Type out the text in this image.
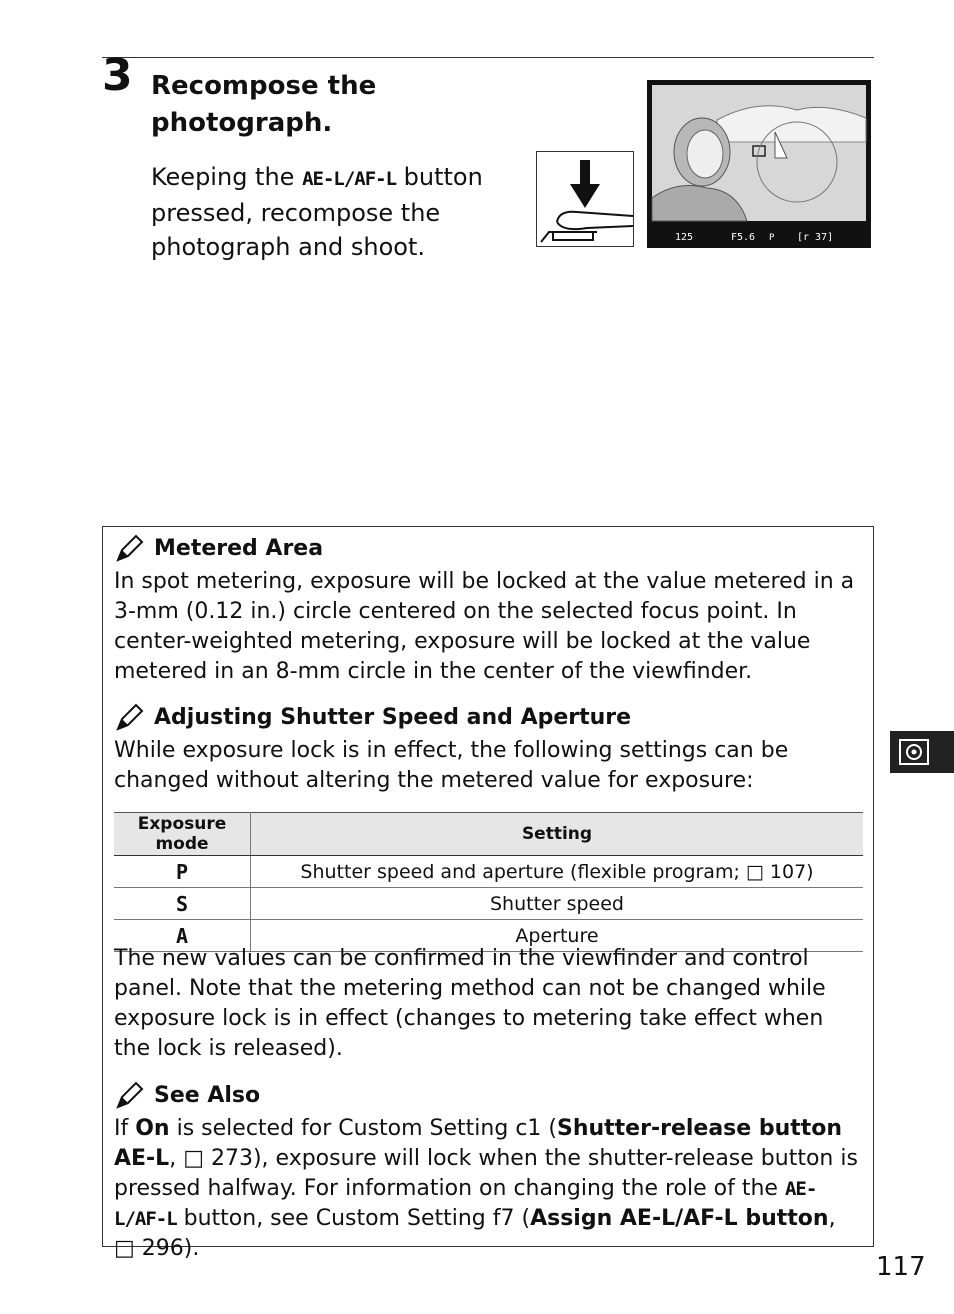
3 Recompose the photograph.
Keeping the AE-L/AF-L button pressed, recompose the photograph and shoot.	125	F5.6 P [r 37]
Metered Area
In spot metering, exposure will be locked at the value metered in a 3-mm (0.12 in.) circle centered on the selected focus point. In center-weighted metering, exposure will be locked at the value metered in an 8-mm circle in the center of the viewfinder.
Adjusting Shutter Speed and Aperture
While exposure lock is in effect, the following settings can be changed without altering the metered value for exposure:
Exposure mode	Setting
P	Shutter speed and aperture (flexible program; □ 107)
S	Shutter speed
A	Aperture
The new values can be confirmed in the viewfinder and control panel. Note that the metering method can not be changed while exposure lock is in effect (changes to metering take effect when the lock is released).
See Also
If On is selected for Custom Setting c1 (Shutter-release button AE-L, □ 273), exposure will lock when the shutter-release button is pressed halfway. For information on changing the role of the AE-L/AF-L button, see Custom Setting f7 (Assign AE-L/AF-L button, □ 296).
117
